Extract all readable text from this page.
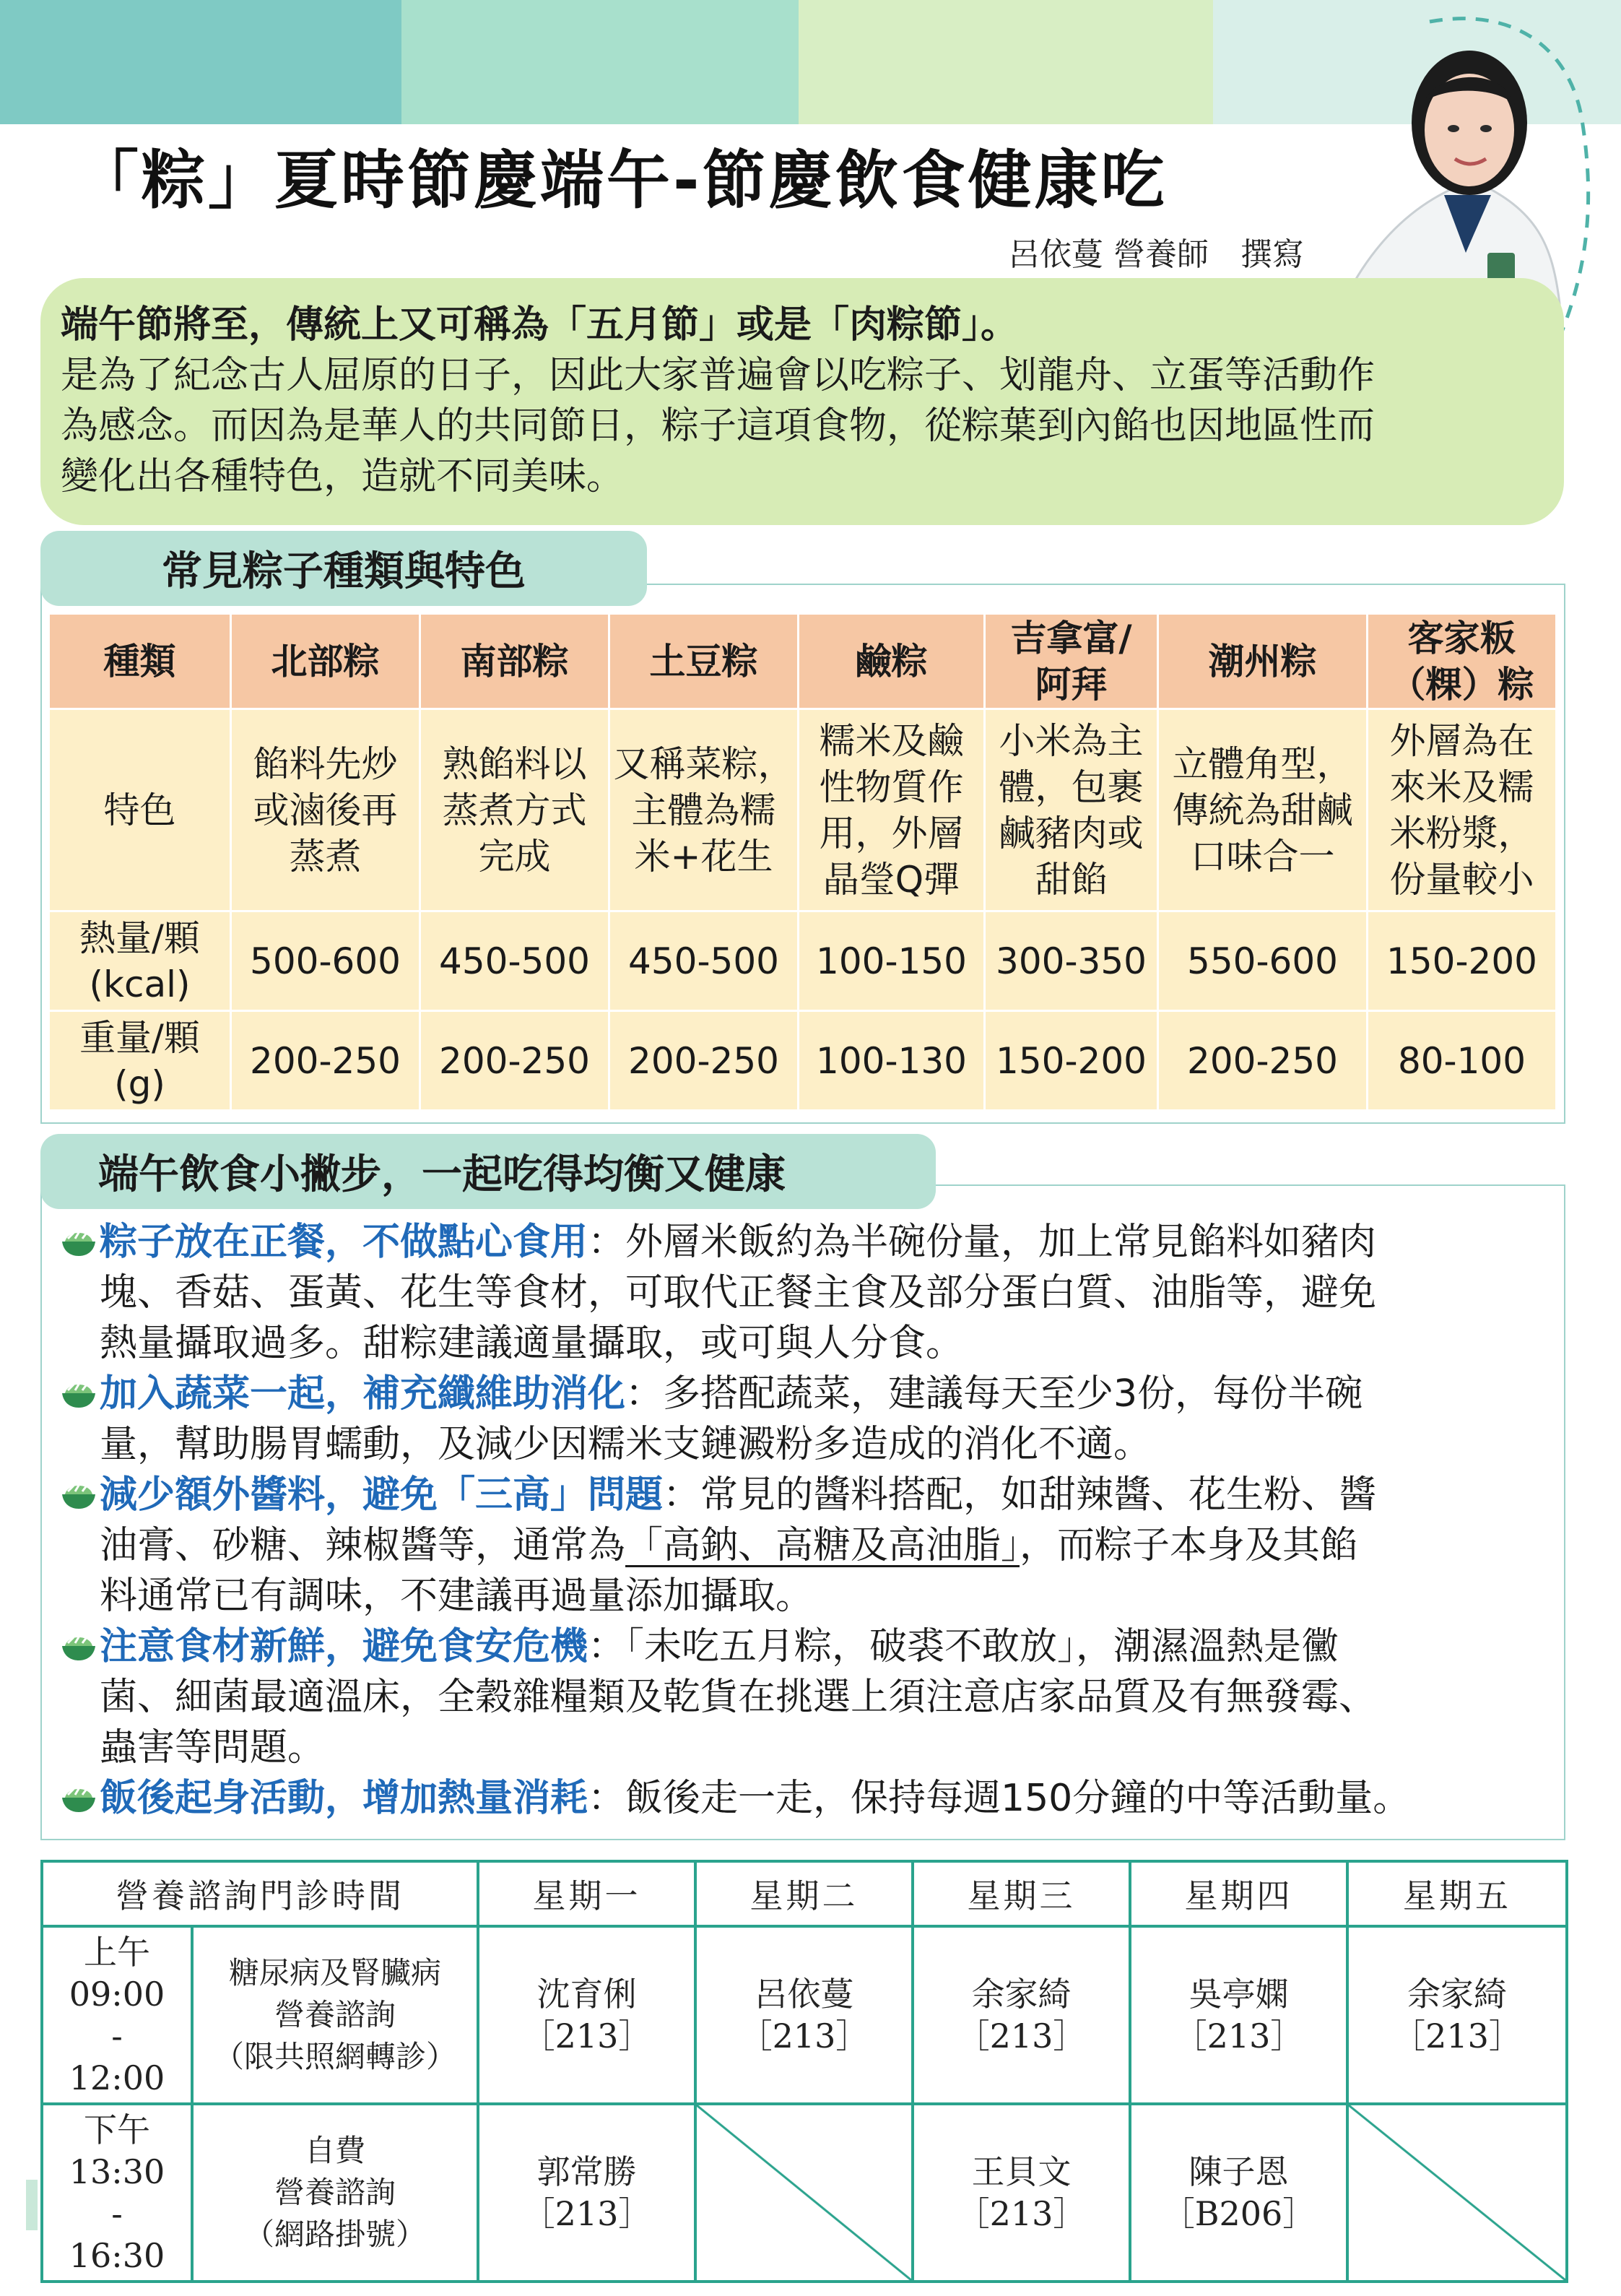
「粽」夏時節慶端午-節慶飲食健康吃
呂依蔓 營養師　撰寫

端午節將至，傳統上又可稱為「五月節」或是「肉粽節」。

是為了紀念古人屈原的日子，因此大家普遍會以吃粽子、划龍舟、立蛋等活動作

為感念。而因為是華人的共同節日，粽子這項食物，從粽葉到內餡也因地區性而

變化出各種特色，造就不同美味。

常見粽子種類與特色
種類	北部粽	南部粽	土豆粽	鹼粽	吉拿富/
阿拜	潮州粽	客家粄
（粿）粽
特色	餡料先炒
或滷後再
蒸煮	熟餡料以
蒸煮方式
完成	又稱菜粽，
主體為糯
米+花生	糯米及鹼
性物質作
用，外層
晶瑩Q彈	小米為主
體，包裹
鹹豬肉或
甜餡	立體角型，
傳統為甜鹹
口味合一	外層為在
來米及糯
米粉漿，
份量較小
熱量/顆
(kcal)	500-600	450-500	450-500	100-150	300-350	550-600	150-200
重量/顆
(g)	200-250	200-250	200-250	100-130	150-200	200-250	80-100
端午飲食小撇步，一起吃得均衡又健康
粽子放在正餐，不做點心食用：外層米飯約為半碗份量，加上常見餡料如豬肉
塊、香菇、蛋黃、花生等食材，可取代正餐主食及部分蛋白質、油脂等，避免
熱量攝取過多。甜粽建議適量攝取，或可與人分食。
加入蔬菜一起，補充纖維助消化：多搭配蔬菜，建議每天至少3份，每份半碗
量，幫助腸胃蠕動，及減少因糯米支鏈澱粉多造成的消化不適。
減少額外醬料，避免「三高」問題：常見的醬料搭配，如甜辣醬、花生粉、醬
油膏、砂糖、辣椒醬等，通常為「高鈉、高糖及高油脂」，而粽子本身及其餡
料通常已有調味，不建議再過量添加攝取。
注意食材新鮮，避免食安危機：「未吃五月粽，破裘不敢放」，潮濕溫熱是黴
菌、細菌最適溫床，全穀雜糧類及乾貨在挑選上須注意店家品質及有無發霉、
蟲害等問題。
飯後起身活動，增加熱量消耗：飯後走一走，保持每週150分鐘的中等活動量。
營養諮詢門診時間		星期一	星期二	星期三	星期四	星期五
上午
09:00
-
12:00	糖尿病及腎臟病
營養諮詢
（限共照網轉診）	沈育俐
［213］	呂依蔓
［213］	余家綺
［213］	吳亭嫻
［213］	余家綺
［213］
下午
13:30
-
16:30	自費
營養諮詢
（網路掛號）	郭常勝
［213］		王貝文
［213］	陳子恩
［B206］	
